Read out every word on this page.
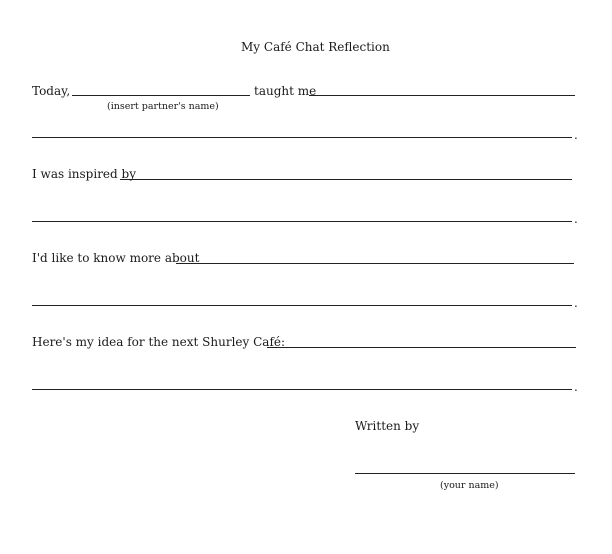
My Café Chat Reflection
Today,
(insert partner's name)
taught me
.
I was inspired by
.
I'd like to know more about
.
Here's my idea for the next Shurley Café:
.
Written by
(your name)
